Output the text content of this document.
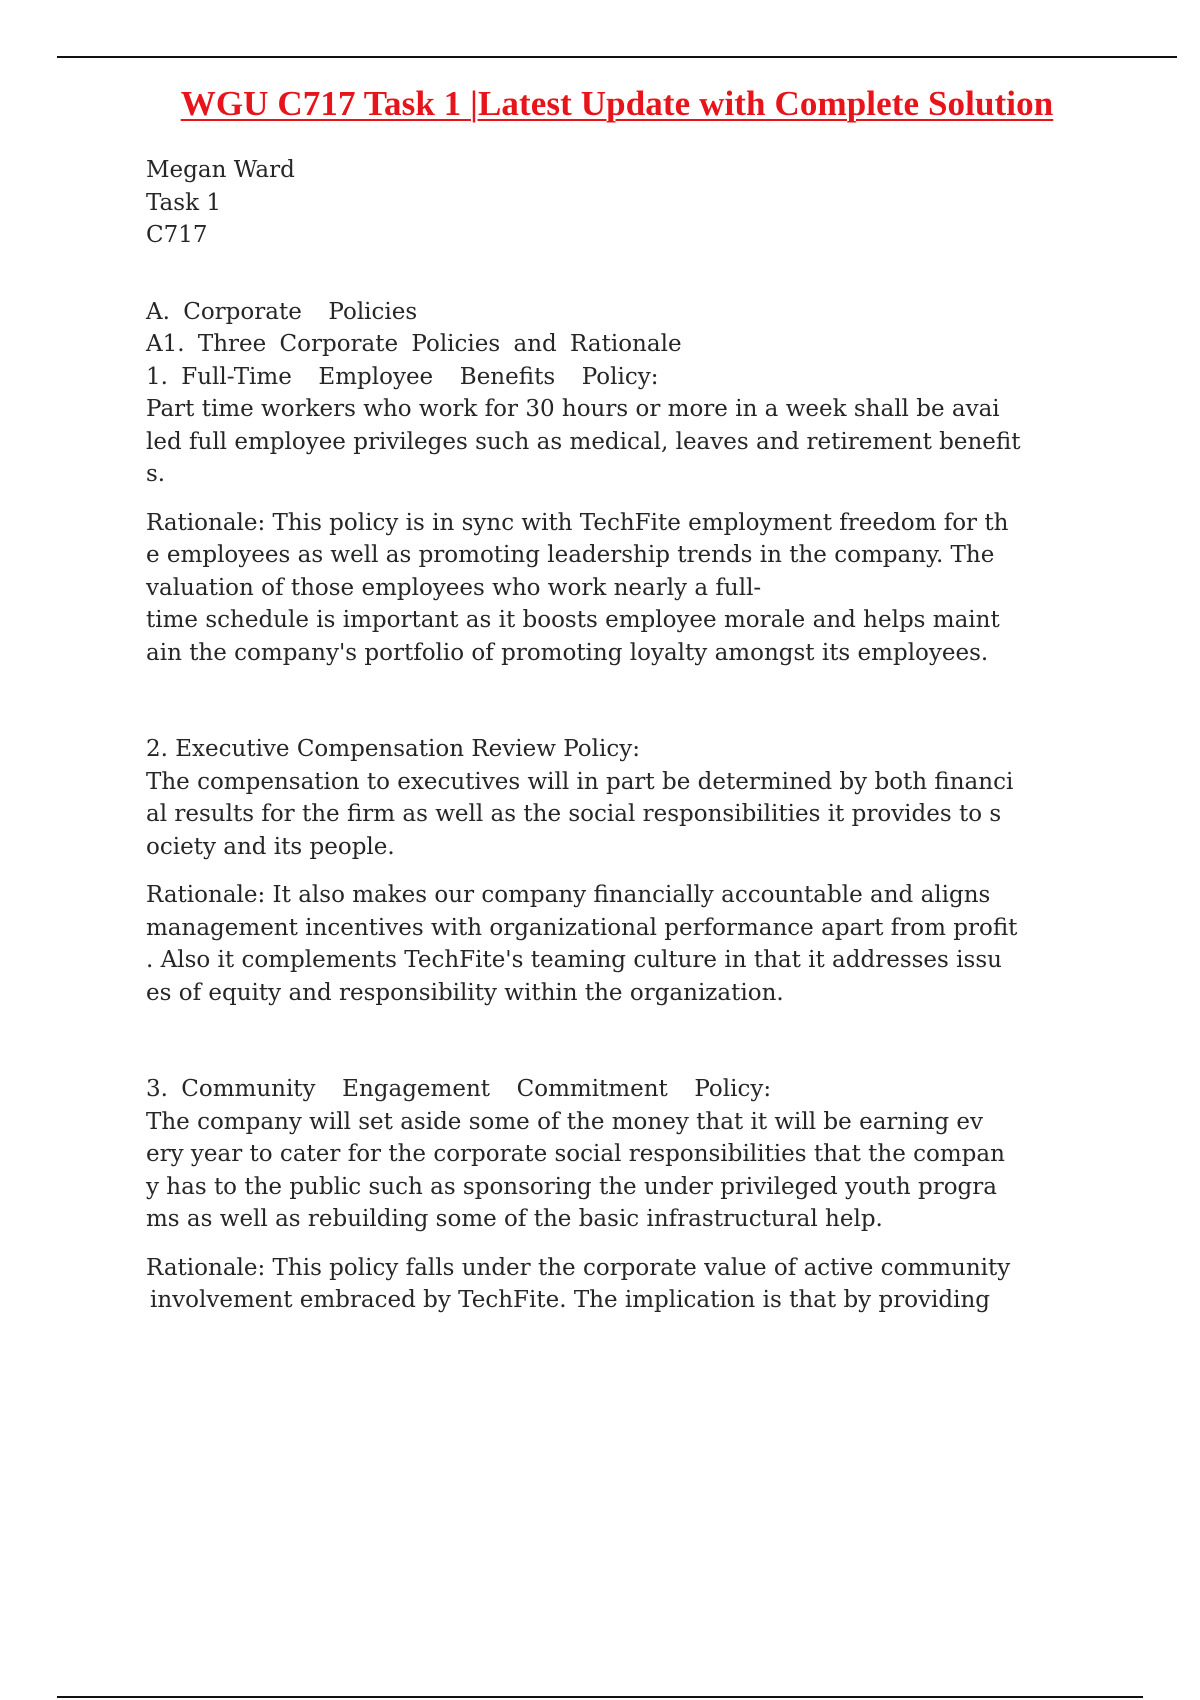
WGU C717 Task 1 |Latest Update with Complete Solution

Megan Ward

Task 1

C717

A. Corporate  Policies

A1. Three Corporate Policies and Rationale

1. Full-Time  Employee  Benefits  Policy:

Part time workers who work for 30 hours or more in a week shall be avai
led full employee privileges such as medical, leaves and retirement benefit
s.

Rationale: This policy is in sync with TechFite employment freedom for th
e employees as well as promoting leadership trends in the company. The
valuation of those employees who work nearly a full-
time schedule is important as it boosts employee morale and helps maint
ain the company's portfolio of promoting loyalty amongst its employees.

2. Executive Compensation Review Policy:

The compensation to executives will in part be determined by both financi
al results for the firm as well as the social responsibilities it provides to s
ociety and its people.

Rationale: It also makes our company financially accountable and aligns
management incentives with organizational performance apart from profit
. Also it complements TechFite's teaming culture in that it addresses issu
es of equity and responsibility within the organization.

3. Community  Engagement  Commitment  Policy:

The company will set aside some of the money that it will be earning ev
ery year to cater for the corporate social responsibilities that the compan
y has to the public such as sponsoring the under privileged youth progra
ms as well as rebuilding some of the basic infrastructural help.

Rationale: This policy falls under the corporate value of active community
involvement embraced by TechFite. The implication is that by providing
